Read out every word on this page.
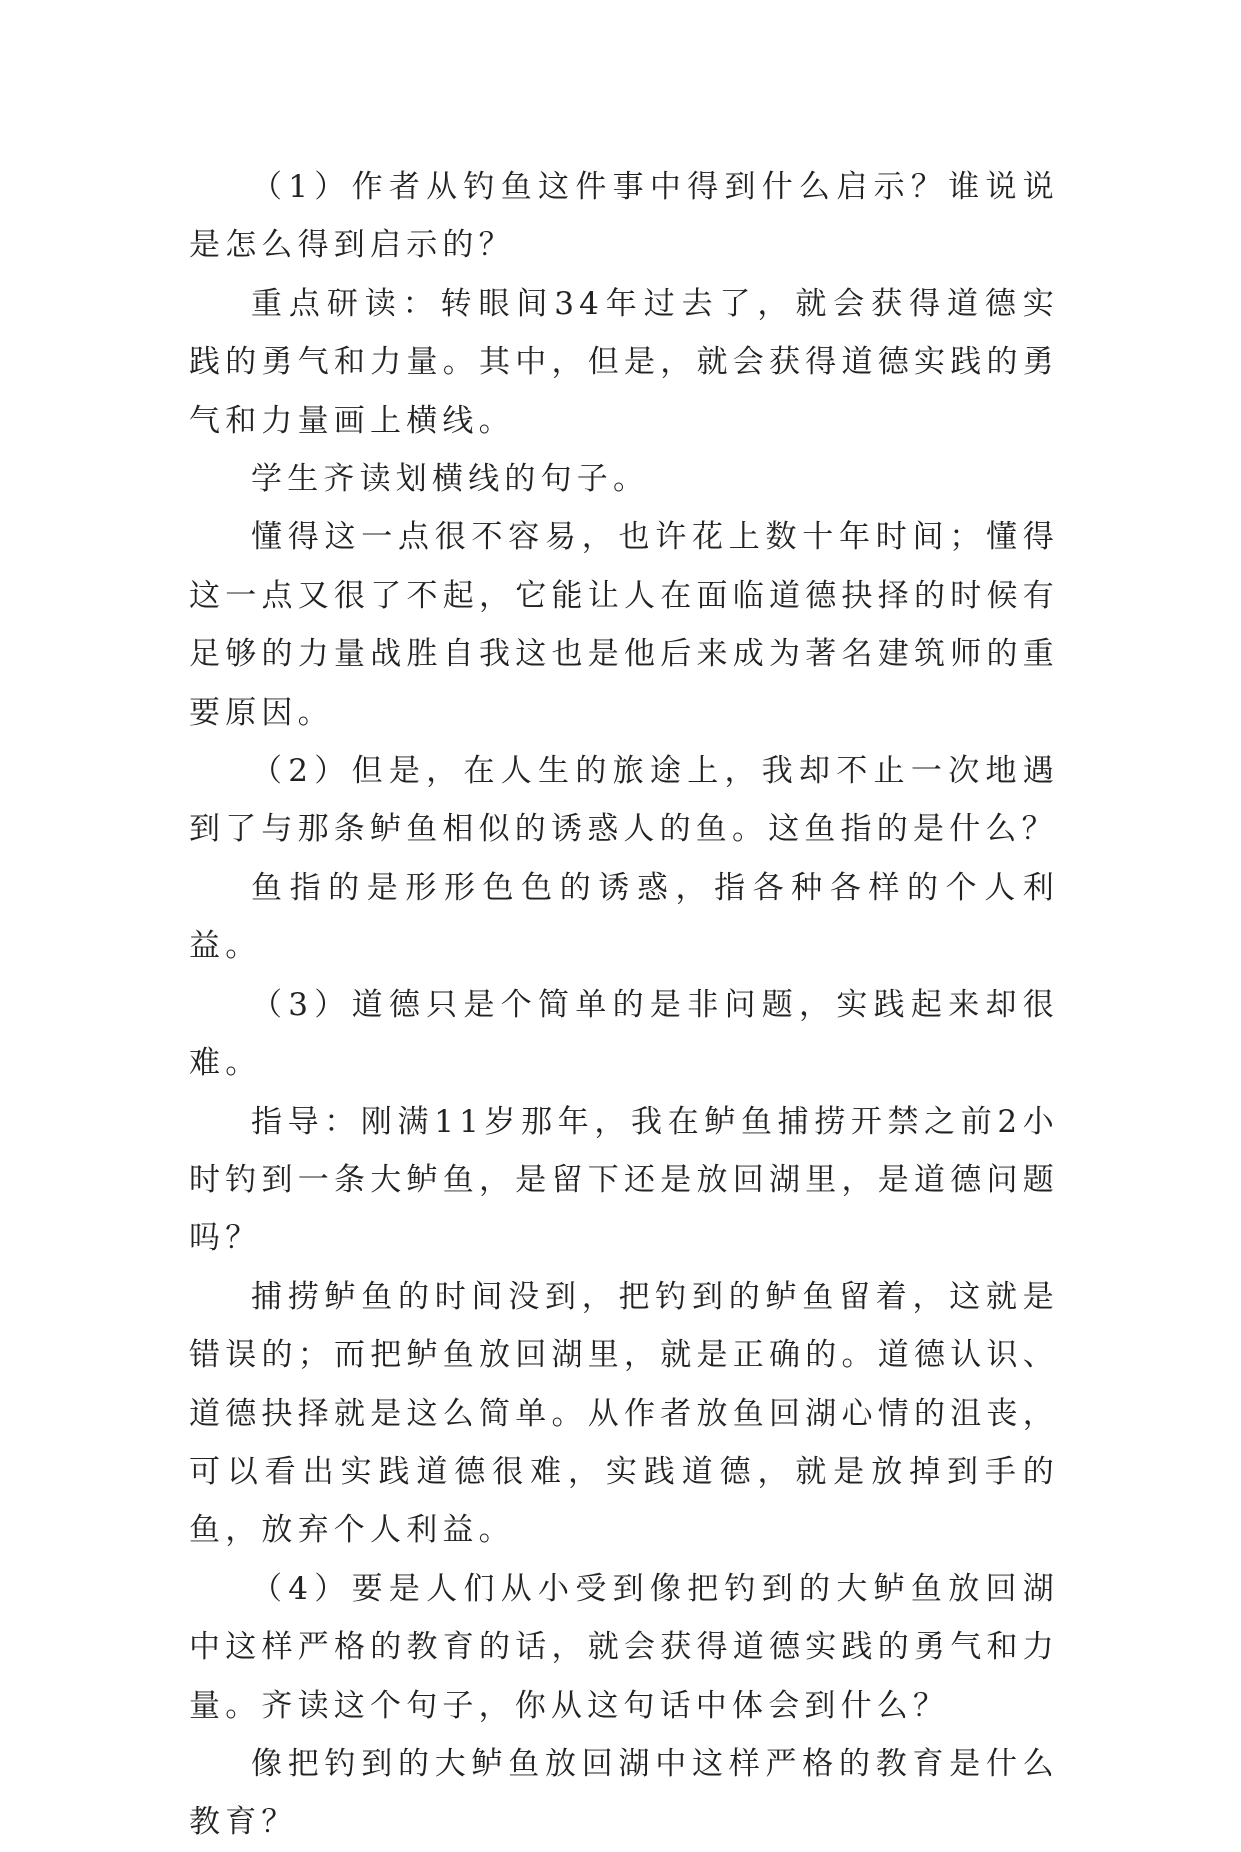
（1）作者从钓鱼这件事中得到什么启示？谁说说是怎么得到启示的？

重点研读：转眼间34年过去了，就会获得道德实践的勇气和力量。其中，但是，就会获得道德实践的勇气和力量画上横线。

学生齐读划横线的句子。

懂得这一点很不容易，也许花上数十年时间；懂得这一点又很了不起，它能让人在面临道德抉择的时候有足够的力量战胜自我这也是他后来成为著名建筑师的重要原因。

（2）但是，在人生的旅途上，我却不止一次地遇到了与那条鲈鱼相似的诱惑人的鱼。这鱼指的是什么？

鱼指的是形形色色的诱惑，指各种各样的个人利益。

（3）道德只是个简单的是非问题，实践起来却很难。

指导：刚满11岁那年，我在鲈鱼捕捞开禁之前2小时钓到一条大鲈鱼，是留下还是放回湖里，是道德问题吗？

捕捞鲈鱼的时间没到，把钓到的鲈鱼留着，这就是错误的；而把鲈鱼放回湖里，就是正确的。道德认识、道德抉择就是这么简单。从作者放鱼回湖心情的沮丧，可以看出实践道德很难，实践道德，就是放掉到手的鱼，放弃个人利益。

（4）要是人们从小受到像把钓到的大鲈鱼放回湖中这样严格的教育的话，就会获得道德实践的勇气和力量。齐读这个句子，你从这句话中体会到什么？

像把钓到的大鲈鱼放回湖中这样严格的教育是什么教育？
